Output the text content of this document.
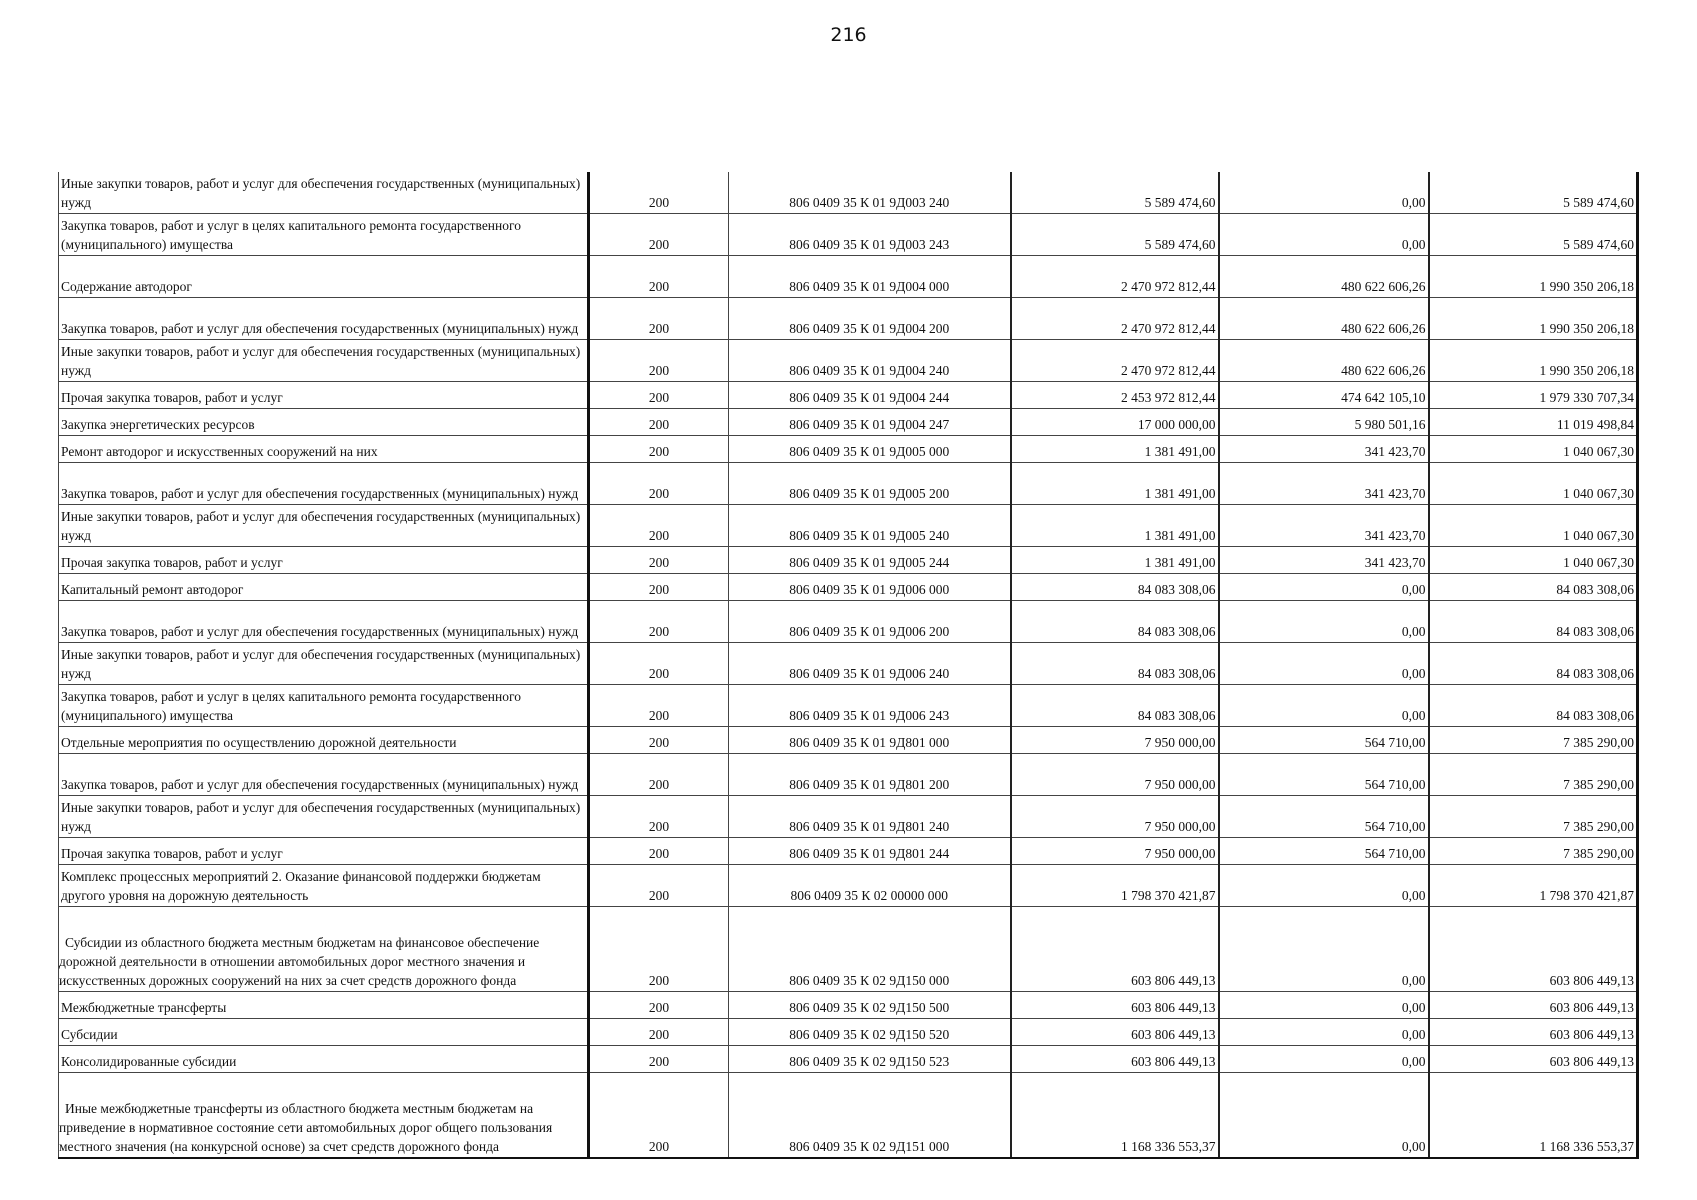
216
Иные закупки товаров, работ и услуг для обеспечения государственных (муниципальных) нужд	200	806 0409 35 К 01 9Д003 240	5 589 474,60	0,00	5 589 474,60
Закупка товаров, работ и услуг в целях капитального ремонта государственного (муниципального) имущества	200	806 0409 35 К 01 9Д003 243	5 589 474,60	0,00	5 589 474,60
Содержание автодорог	200	806 0409 35 К 01 9Д004 000	2 470 972 812,44	480 622 606,26	1 990 350 206,18
Закупка товаров, работ и услуг для обеспечения государственных (муниципальных) нужд	200	806 0409 35 К 01 9Д004 200	2 470 972 812,44	480 622 606,26	1 990 350 206,18
Иные закупки товаров, работ и услуг для обеспечения государственных (муниципальных) нужд	200	806 0409 35 К 01 9Д004 240	2 470 972 812,44	480 622 606,26	1 990 350 206,18
Прочая закупка товаров, работ и услуг	200	806 0409 35 К 01 9Д004 244	2 453 972 812,44	474 642 105,10	1 979 330 707,34
Закупка энергетических ресурсов	200	806 0409 35 К 01 9Д004 247	17 000 000,00	5 980 501,16	11 019 498,84
Ремонт автодорог и искусственных сооружений на них	200	806 0409 35 К 01 9Д005 000	1 381 491,00	341 423,70	1 040 067,30
Закупка товаров, работ и услуг для обеспечения государственных (муниципальных) нужд	200	806 0409 35 К 01 9Д005 200	1 381 491,00	341 423,70	1 040 067,30
Иные закупки товаров, работ и услуг для обеспечения государственных (муниципальных) нужд	200	806 0409 35 К 01 9Д005 240	1 381 491,00	341 423,70	1 040 067,30
Прочая закупка товаров, работ и услуг	200	806 0409 35 К 01 9Д005 244	1 381 491,00	341 423,70	1 040 067,30
Капитальный ремонт автодорог	200	806 0409 35 К 01 9Д006 000	84 083 308,06	0,00	84 083 308,06
Закупка товаров, работ и услуг для обеспечения государственных (муниципальных) нужд	200	806 0409 35 К 01 9Д006 200	84 083 308,06	0,00	84 083 308,06
Иные закупки товаров, работ и услуг для обеспечения государственных (муниципальных) нужд	200	806 0409 35 К 01 9Д006 240	84 083 308,06	0,00	84 083 308,06
Закупка товаров, работ и услуг в целях капитального ремонта государственного (муниципального) имущества	200	806 0409 35 К 01 9Д006 243	84 083 308,06	0,00	84 083 308,06
Отдельные мероприятия по осуществлению дорожной деятельности	200	806 0409 35 К 01 9Д801 000	7 950 000,00	564 710,00	7 385 290,00
Закупка товаров, работ и услуг для обеспечения государственных (муниципальных) нужд	200	806 0409 35 К 01 9Д801 200	7 950 000,00	564 710,00	7 385 290,00
Иные закупки товаров, работ и услуг для обеспечения государственных (муниципальных) нужд	200	806 0409 35 К 01 9Д801 240	7 950 000,00	564 710,00	7 385 290,00
Прочая закупка товаров, работ и услуг	200	806 0409 35 К 01 9Д801 244	7 950 000,00	564 710,00	7 385 290,00
Комплекс процессных мероприятий 2. Оказание финансовой поддержки бюджетам другого уровня на дорожную деятельность	200	806 0409 35 К 02 00000 000	1 798 370 421,87	0,00	1 798 370 421,87
Субсидии из областного бюджета местным бюджетам на финансовое обеспечение дорожной деятельности в отношении автомобильных дорог местного значения и искусственных дорожных сооружений на них за счет средств дорожного фонда	200	806 0409 35 К 02 9Д150 000	603 806 449,13	0,00	603 806 449,13
Межбюджетные трансферты	200	806 0409 35 К 02 9Д150 500	603 806 449,13	0,00	603 806 449,13
Субсидии	200	806 0409 35 К 02 9Д150 520	603 806 449,13	0,00	603 806 449,13
Консолидированные субсидии	200	806 0409 35 К 02 9Д150 523	603 806 449,13	0,00	603 806 449,13
Иные межбюджетные трансферты из областного бюджета местным бюджетам на приведение в нормативное состояние сети автомобильных дорог общего пользования местного значения (на конкурсной основе) за счет средств дорожного фонда	200	806 0409 35 К 02 9Д151 000	1 168 336 553,37	0,00	1 168 336 553,37
